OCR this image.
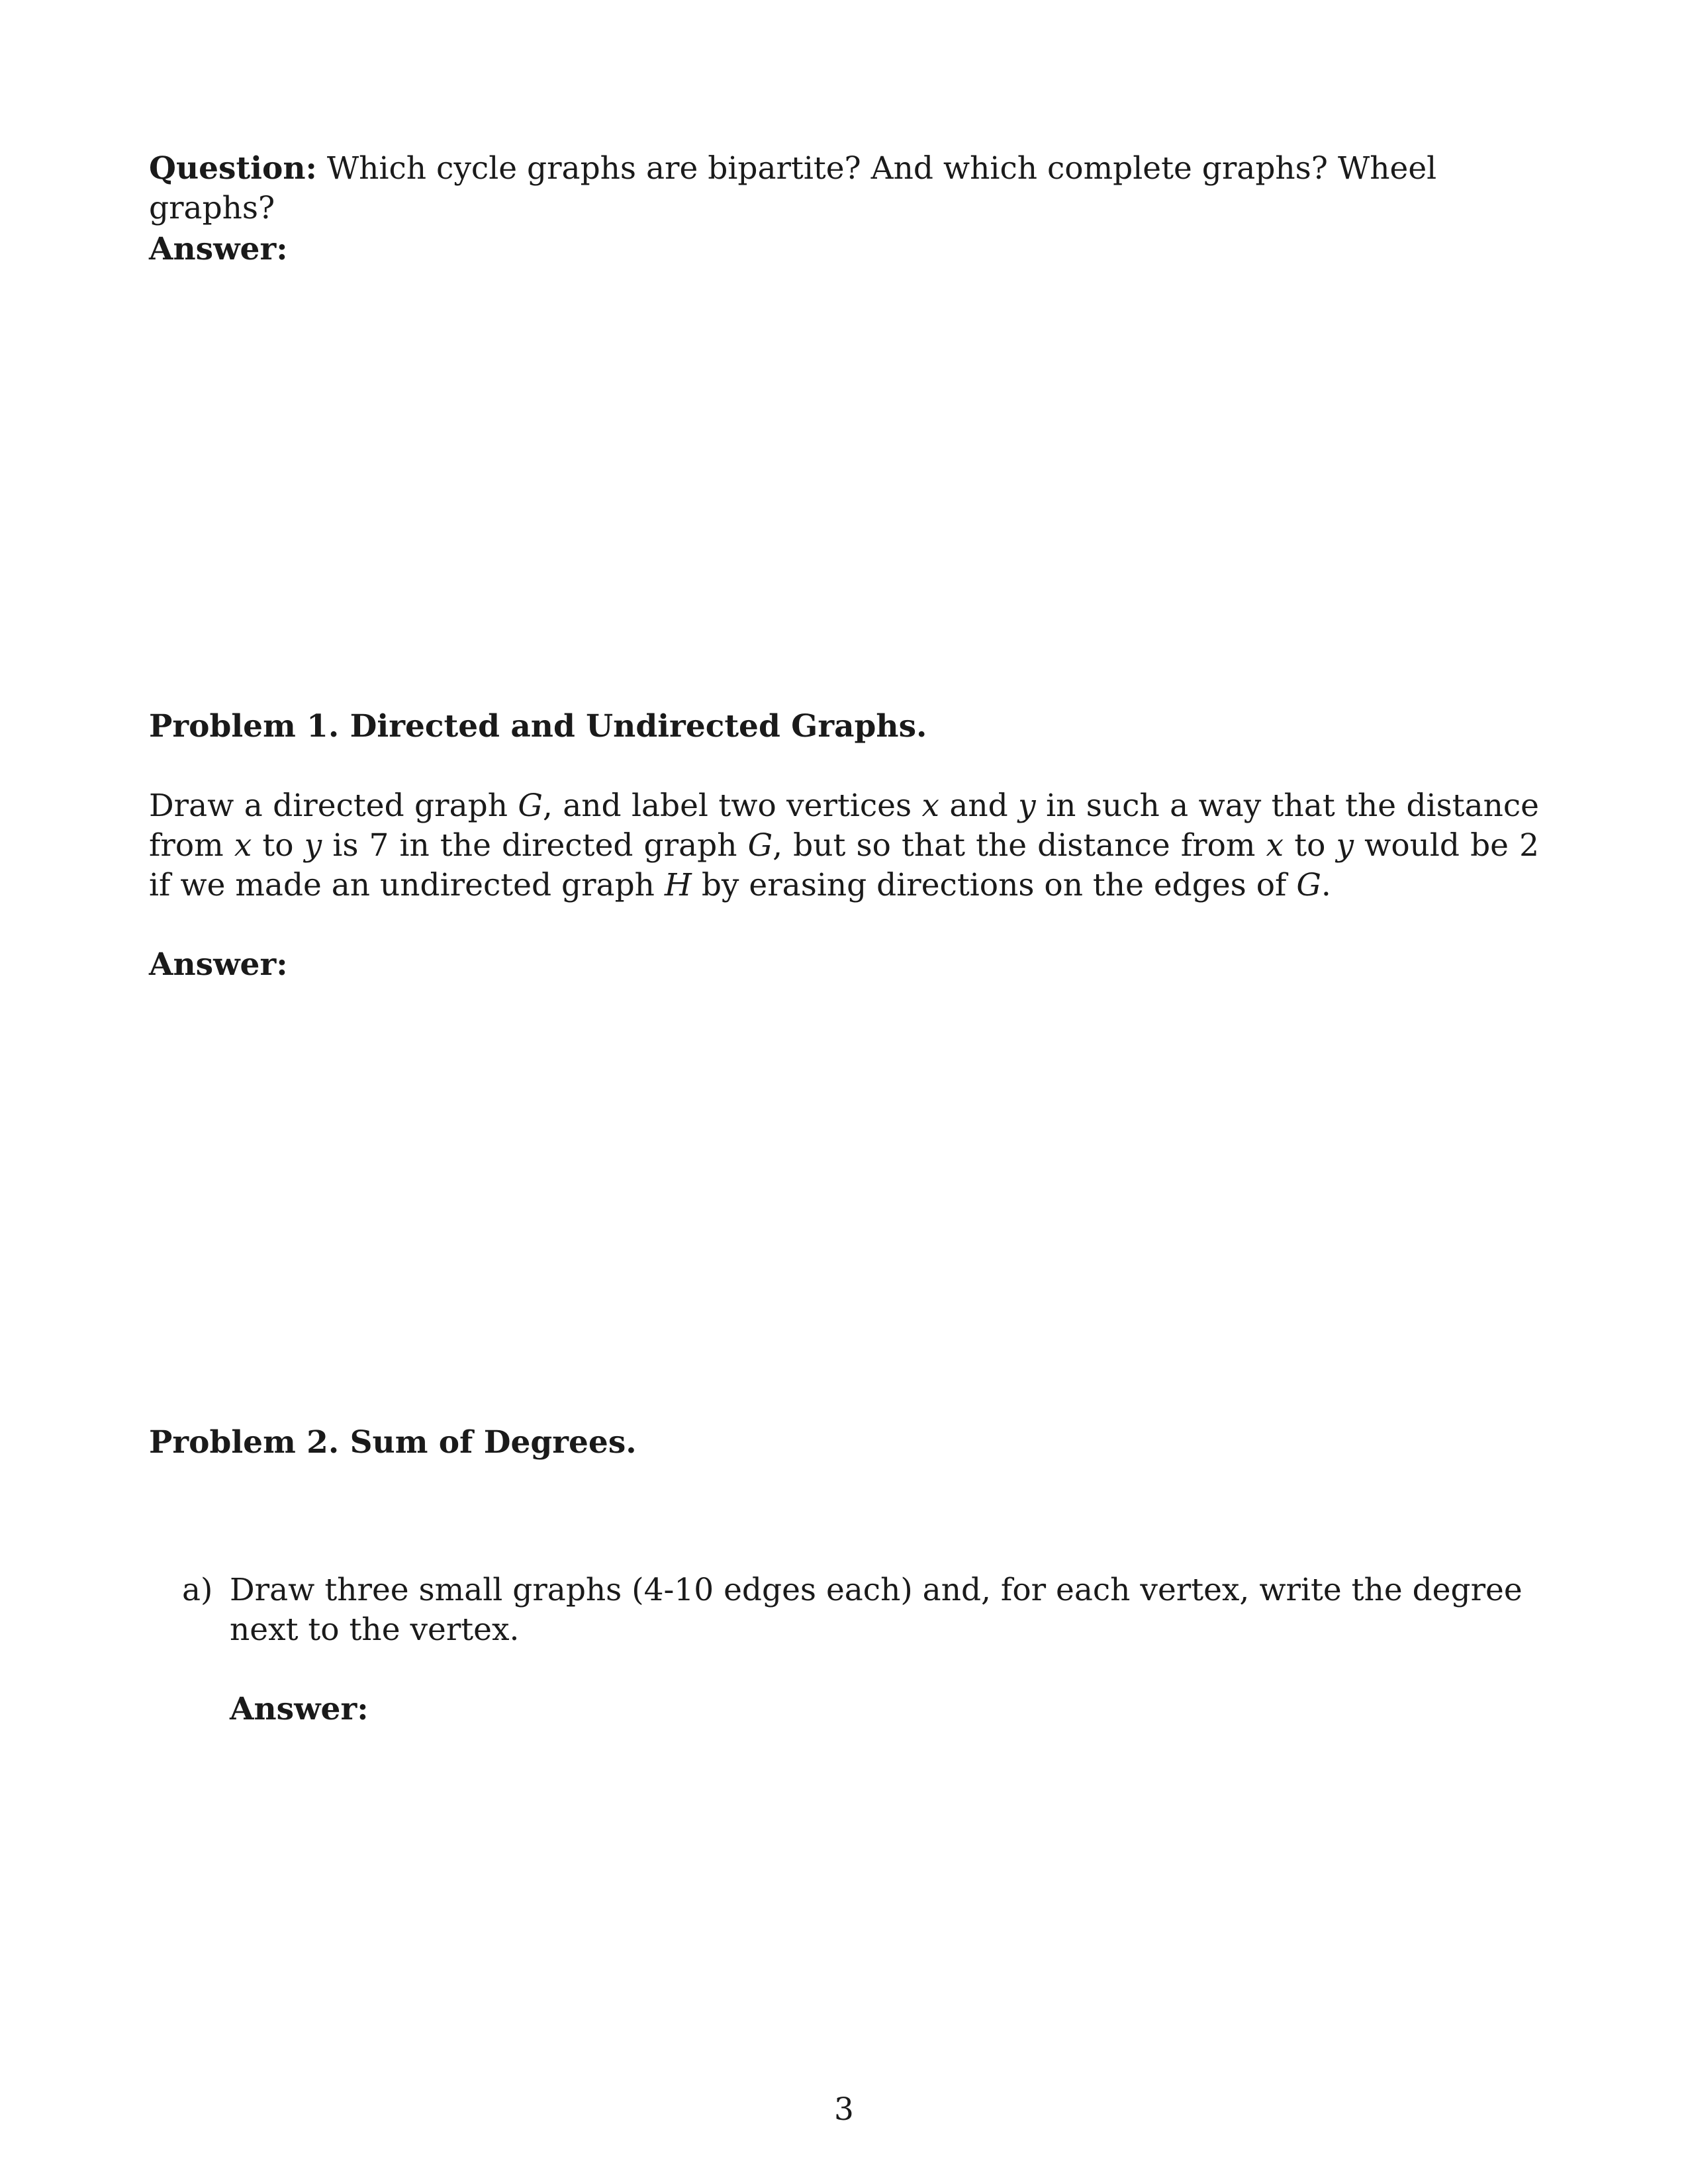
Question: Which cycle graphs are bipartite? And which complete graphs? Wheel graphs?
Answer:
Problem 1. Directed and Undirected Graphs.
Draw a directed graph G, and label two vertices x and y in such a way that the distance from x to y is 7 in the directed graph G, but so that the distance from x to y would be 2 if we made an undirected graph H by erasing directions on the edges of G.
Answer:
Problem 2. Sum of Degrees.
a) Draw three small graphs (4-10 edges each) and, for each vertex, write the degree next to the vertex.
Answer:
3
